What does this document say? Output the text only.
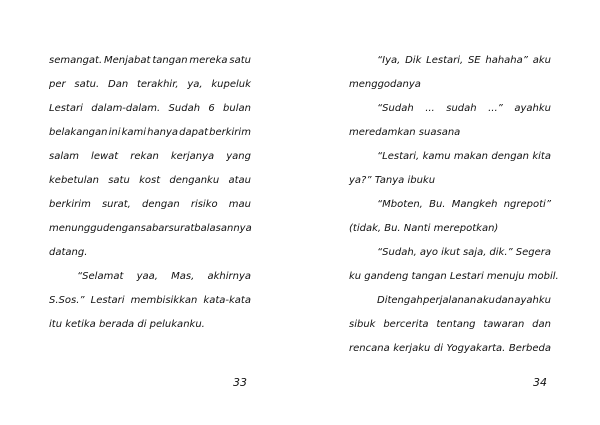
semangat. Menjabat tangan mereka satu
per satu. Dan terakhir, ya, kupeluk
Lestari dalam-dalam. Sudah 6 bulan
belakangan ini kami hanya dapat berkirim
salam lewat rekan kerjanya yang
kebetulan satu kost denganku atau
berkirim surat, dengan risiko mau
menunggu dengan sabar surat balasannya
datang.
“Selamat yaa, Mas, akhirnya
S.Sos.” Lestari membisikkan kata-kata
itu ketika berada di pelukanku.
33
“Iya, Dik Lestari, SE hahaha” aku
menggodanya
“Sudah ... sudah ...” ayahku
meredamkan suasana
“Lestari, kamu makan dengan kita
ya?” Tanya ibuku
“Mboten, Bu. Mangkeh ngrepoti”
(tidak, Bu. Nanti merepotkan)
“Sudah, ayo ikut saja, dik.” Segera
ku gandeng tangan Lestari menuju mobil.
Ditengah perjalanan aku dan ayahku
sibuk bercerita tentang tawaran dan
rencana kerjaku di Yogyakarta. Berbeda
34
